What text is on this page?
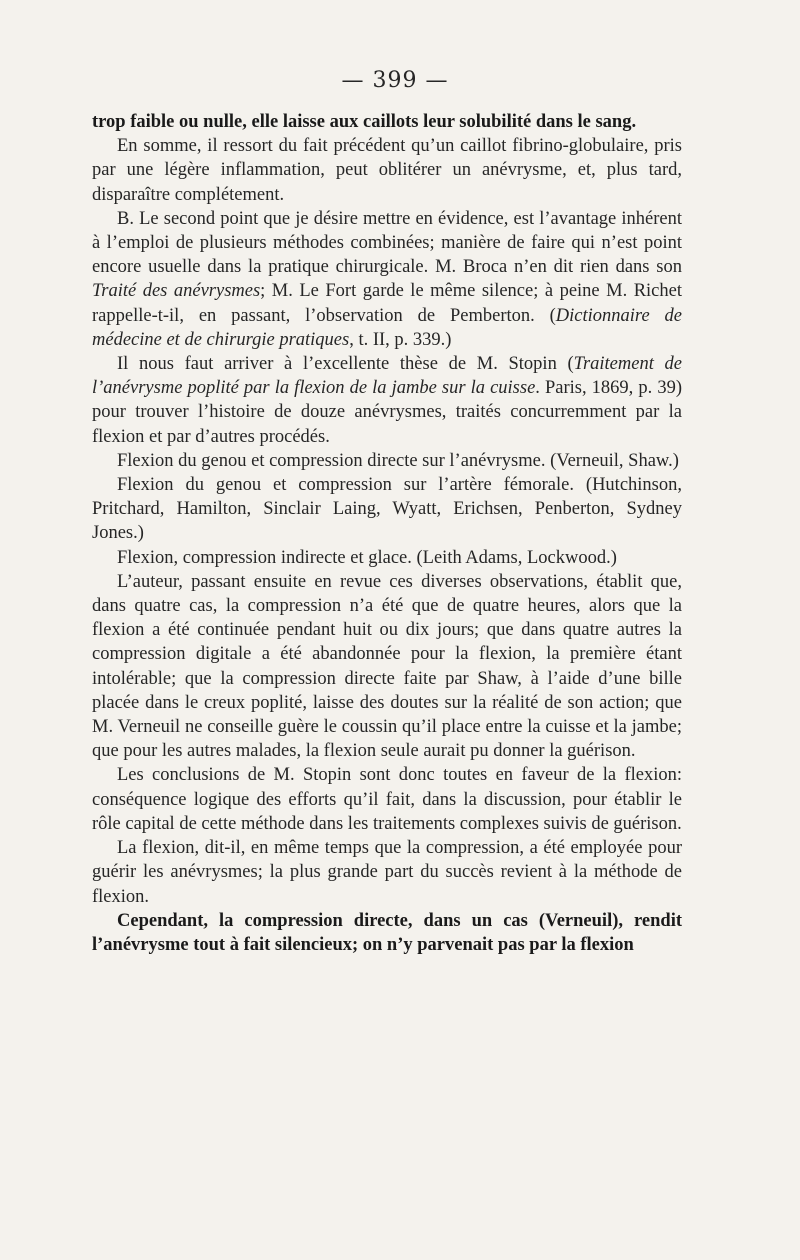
— 399 —

trop faible ou nulle, elle laisse aux caillots leur solubilité dans le sang.

En somme, il ressort du fait précédent qu’un caillot fibrino-globulaire, pris par une légère inflammation, peut oblitérer un anévrysme, et, plus tard, disparaître complétement.

B. Le second point que je désire mettre en évidence, est l’avantage inhérent à l’emploi de plusieurs méthodes combinées; manière de faire qui n’est point encore usuelle dans la pratique chirurgicale. M. Broca n’en dit rien dans son Traité des anévrysmes; M. Le Fort garde le même silence; à peine M. Richet rappelle-t-il, en passant, l’observation de Pemberton. (Dictionnaire de médecine et de chirurgie pratiques, t. II, p. 339.)

Il nous faut arriver à l’excellente thèse de M. Stopin (Traitement de l’anévrysme poplité par la flexion de la jambe sur la cuisse. Paris, 1869, p. 39) pour trouver l’histoire de douze anévrysmes, traités concurremment par la flexion et par d’autres procédés.

Flexion du genou et compression directe sur l’anévrysme. (Verneuil, Shaw.)

Flexion du genou et compression sur l’artère fémorale. (Hutchinson, Pritchard, Hamilton, Sinclair Laing, Wyatt, Erichsen, Penberton, Sydney Jones.)

Flexion, compression indirecte et glace. (Leith Adams, Lockwood.)

L’auteur, passant ensuite en revue ces diverses observations, établit que, dans quatre cas, la compression n’a été que de quatre heures, alors que la flexion a été continuée pendant huit ou dix jours; que dans quatre autres la compression digitale a été abandonnée pour la flexion, la première étant intolérable; que la compression directe faite par Shaw, à l’aide d’une bille placée dans le creux poplité, laisse des doutes sur la réalité de son action; que M. Verneuil ne conseille guère le coussin qu’il place entre la cuisse et la jambe; que pour les autres malades, la flexion seule aurait pu donner la guérison.

Les conclusions de M. Stopin sont donc toutes en faveur de la flexion: conséquence logique des efforts qu’il fait, dans la discussion, pour établir le rôle capital de cette méthode dans les traitements complexes suivis de guérison.

La flexion, dit-il, en même temps que la compression, a été employée pour guérir les anévrysmes; la plus grande part du succès revient à la méthode de flexion.

Cependant, la compression directe, dans un cas (Verneuil), rendit l’anévrysme tout à fait silencieux; on n’y parvenait pas par la flexion
